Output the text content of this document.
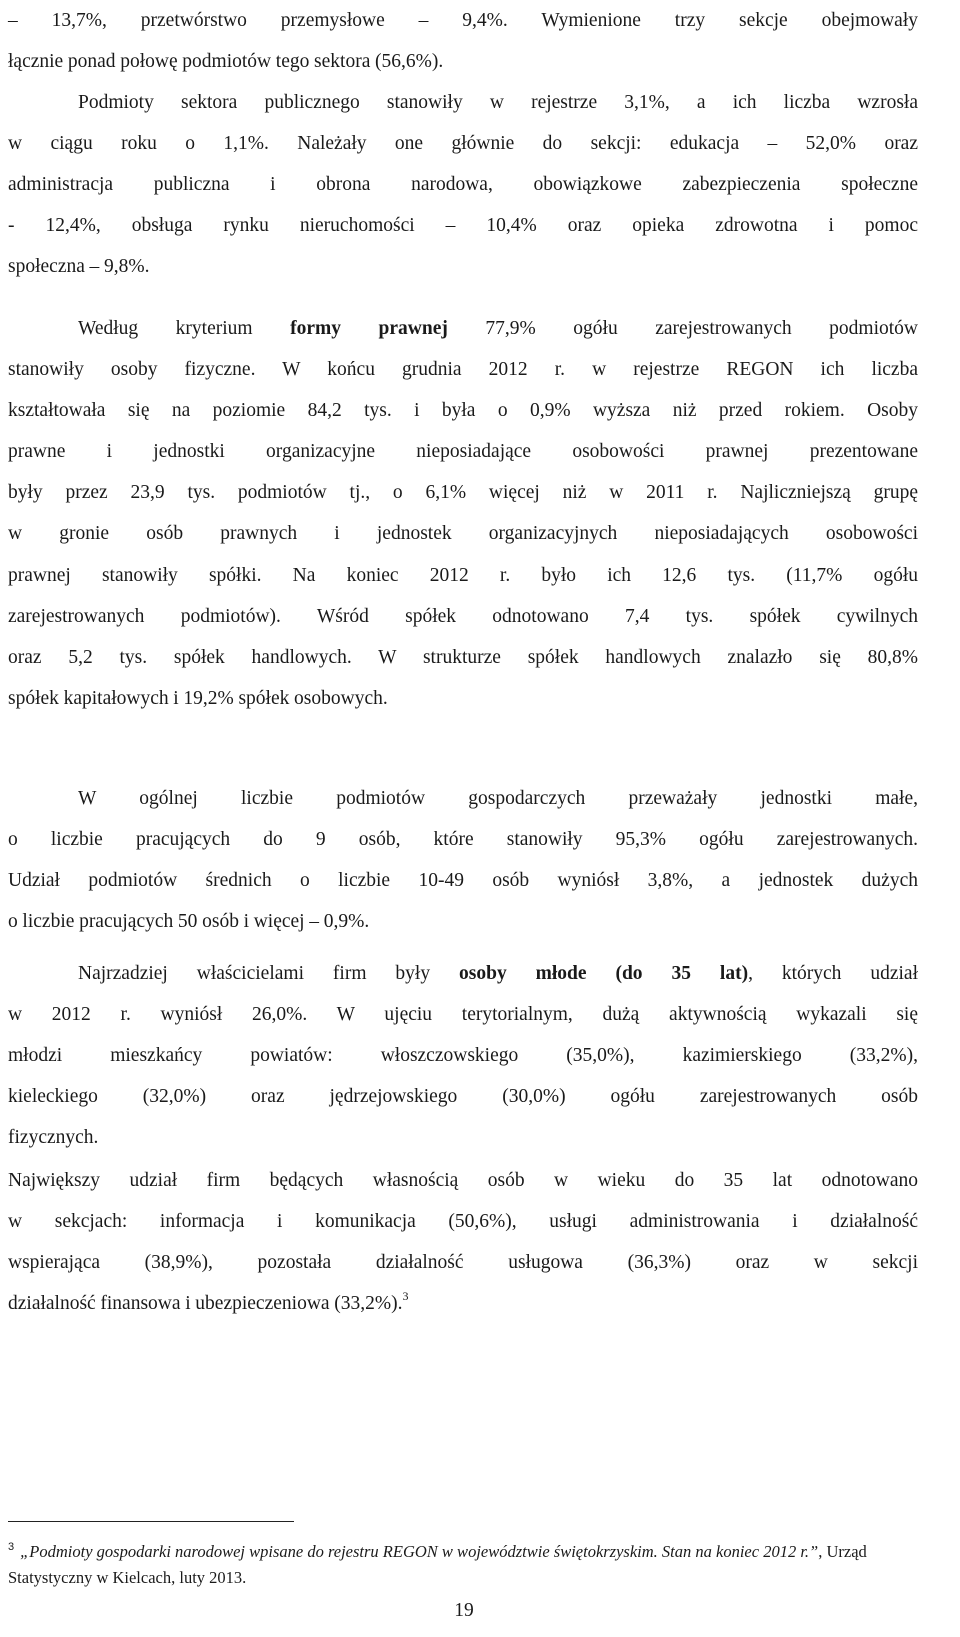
– 13,7%, przetwórstwo przemysłowe – 9,4%. Wymienione trzy sekcje obejmowały
łącznie ponad połowę podmiotów tego sektora (56,6%).
Podmioty sektora publicznego stanowiły w rejestrze 3,1%, a ich liczba wzrosła
w ciągu roku o 1,1%. Należały one głównie do sekcji: edukacja – 52,0% oraz
administracja publiczna i obrona narodowa, obowiązkowe zabezpieczenia społeczne
- 12,4%, obsługa rynku nieruchomości – 10,4% oraz opieka zdrowotna i pomoc
społeczna – 9,8%.
Według kryterium formy prawnej 77,9% ogółu zarejestrowanych podmiotów
stanowiły osoby fizyczne. W końcu grudnia 2012 r. w rejestrze REGON ich liczba
kształtowała się na poziomie 84,2 tys. i była o 0,9% wyższa niż przed rokiem. Osoby
prawne i jednostki organizacyjne nieposiadające osobowości prawnej prezentowane
były przez 23,9 tys. podmiotów tj., o 6,1% więcej niż w 2011 r. Najliczniejszą grupę
w gronie osób prawnych i jednostek organizacyjnych nieposiadających osobowości
prawnej stanowiły spółki. Na koniec 2012 r. było ich 12,6 tys. (11,7% ogółu
zarejestrowanych podmiotów). Wśród spółek odnotowano 7,4 tys. spółek cywilnych
oraz 5,2 tys. spółek handlowych. W strukturze spółek handlowych znalazło się 80,8%
spółek kapitałowych i 19,2% spółek osobowych.
W ogólnej liczbie podmiotów gospodarczych przeważały jednostki małe,
o liczbie pracujących do 9 osób, które stanowiły 95,3% ogółu zarejestrowanych.
Udział podmiotów średnich o liczbie 10-49 osób wyniósł 3,8%, a jednostek dużych
o liczbie pracujących 50 osób i więcej – 0,9%.
Najrzadziej właścicielami firm były osoby młode (do 35 lat), których udział
w 2012 r. wyniósł 26,0%. W ujęciu terytorialnym, dużą aktywnością wykazali się
młodzi mieszkańcy powiatów: włoszczowskiego (35,0%), kazimierskiego (33,2%),
kieleckiego (32,0%) oraz jędrzejowskiego (30,0%) ogółu zarejestrowanych osób
fizycznych.
Największy udział firm będących własnością osób w wieku do 35 lat odnotowano
w sekcjach: informacja i komunikacja (50,6%), usługi administrowania i działalność
wspierająca (38,9%), pozostała działalność usługowa (36,3%) oraz w sekcji
działalność finansowa i ubezpieczeniowa (33,2%).$^3$

$^3$ „Podmioty gospodarki narodowej wpisane do rejestru REGON w województwie świętokrzyskim. Stan na koniec 2012 r.”, Urząd Statystyczny w Kielcach, luty 2013.

19
